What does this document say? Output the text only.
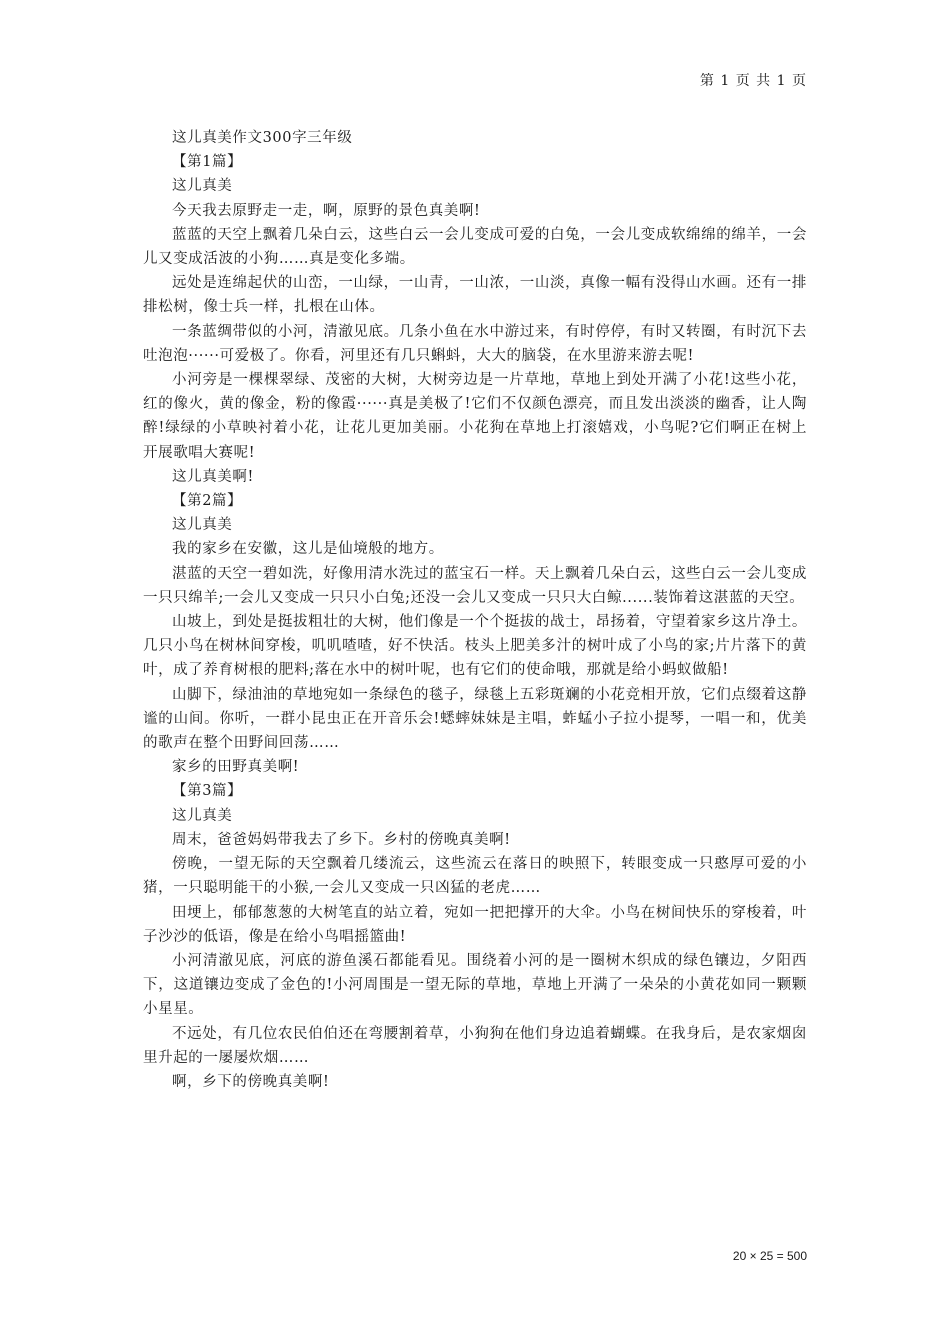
第 1 页 共 1 页

这儿真美作文300字三年级

【第1篇】

这儿真美

今天我去原野走一走，啊，原野的景色真美啊!

蓝蓝的天空上飘着几朵白云，这些白云一会儿变成可爱的白兔，一会儿变成软绵绵的绵羊，一会儿又变成活波的小狗……真是变化多端。

远处是连绵起伏的山峦，一山绿，一山青，一山浓，一山淡，真像一幅有没得山水画。还有一排排松树，像士兵一样，扎根在山体。

一条蓝绸带似的小河，清澈见底。几条小鱼在水中游过来，有时停停，有时又转圈，有时沉下去吐泡泡······可爱极了。你看，河里还有几只蝌蚪，大大的脑袋，在水里游来游去呢!

小河旁是一棵棵翠绿、茂密的大树，大树旁边是一片草地，草地上到处开满了小花!这些小花，红的像火，黄的像金，粉的像霞······真是美极了!它们不仅颜色漂亮，而且发出淡淡的幽香，让人陶醉!绿绿的小草映衬着小花，让花儿更加美丽。小花狗在草地上打滚嬉戏，小鸟呢?它们啊正在树上开展歌唱大赛呢!

这儿真美啊!

【第2篇】

这儿真美

我的家乡在安徽，这儿是仙境般的地方。

湛蓝的天空一碧如洗，好像用清水洗过的蓝宝石一样。天上飘着几朵白云，这些白云一会儿变成一只只绵羊;一会儿又变成一只只小白兔;还没一会儿又变成一只只大白鲸......装饰着这湛蓝的天空。

山坡上，到处是挺拔粗壮的大树，他们像是一个个挺拔的战士，昂扬着，守望着家乡这片净土。几只小鸟在树林间穿梭，叽叽喳喳，好不快活。枝头上肥美多汁的树叶成了小鸟的家;片片落下的黄叶，成了养育树根的肥料;落在水中的树叶呢，也有它们的使命哦，那就是给小蚂蚁做船!

山脚下，绿油油的草地宛如一条绿色的毯子，绿毯上五彩斑斓的小花竞相开放，它们点缀着这静谧的山间。你听，一群小昆虫正在开音乐会!蟋蟀妹妹是主唱，蚱蜢小子拉小提琴，一唱一和，优美的歌声在整个田野间回荡……

家乡的田野真美啊!

【第3篇】

这儿真美

周末，爸爸妈妈带我去了乡下。乡村的傍晚真美啊!

傍晚，一望无际的天空飘着几缕流云，这些流云在落日的映照下，转眼变成一只憨厚可爱的小猪，一只聪明能干的小猴,一会儿又变成一只凶猛的老虎……

田埂上，郁郁葱葱的大树笔直的站立着，宛如一把把撑开的大伞。小鸟在树间快乐的穿梭着，叶子沙沙的低语，像是在给小鸟唱摇篮曲!

小河清澈见底，河底的游鱼溪石都能看见。围绕着小河的是一圈树木织成的绿色镶边，夕阳西下，这道镶边变成了金色的!小河周围是一望无际的草地，草地上开满了一朵朵的小黄花如同一颗颗小星星。

不远处，有几位农民伯伯还在弯腰割着草，小狗狗在他们身边追着蝴蝶。在我身后，是农家烟囱里升起的一屡屡炊烟……

啊，乡下的傍晚真美啊!

20 × 25 = 500
